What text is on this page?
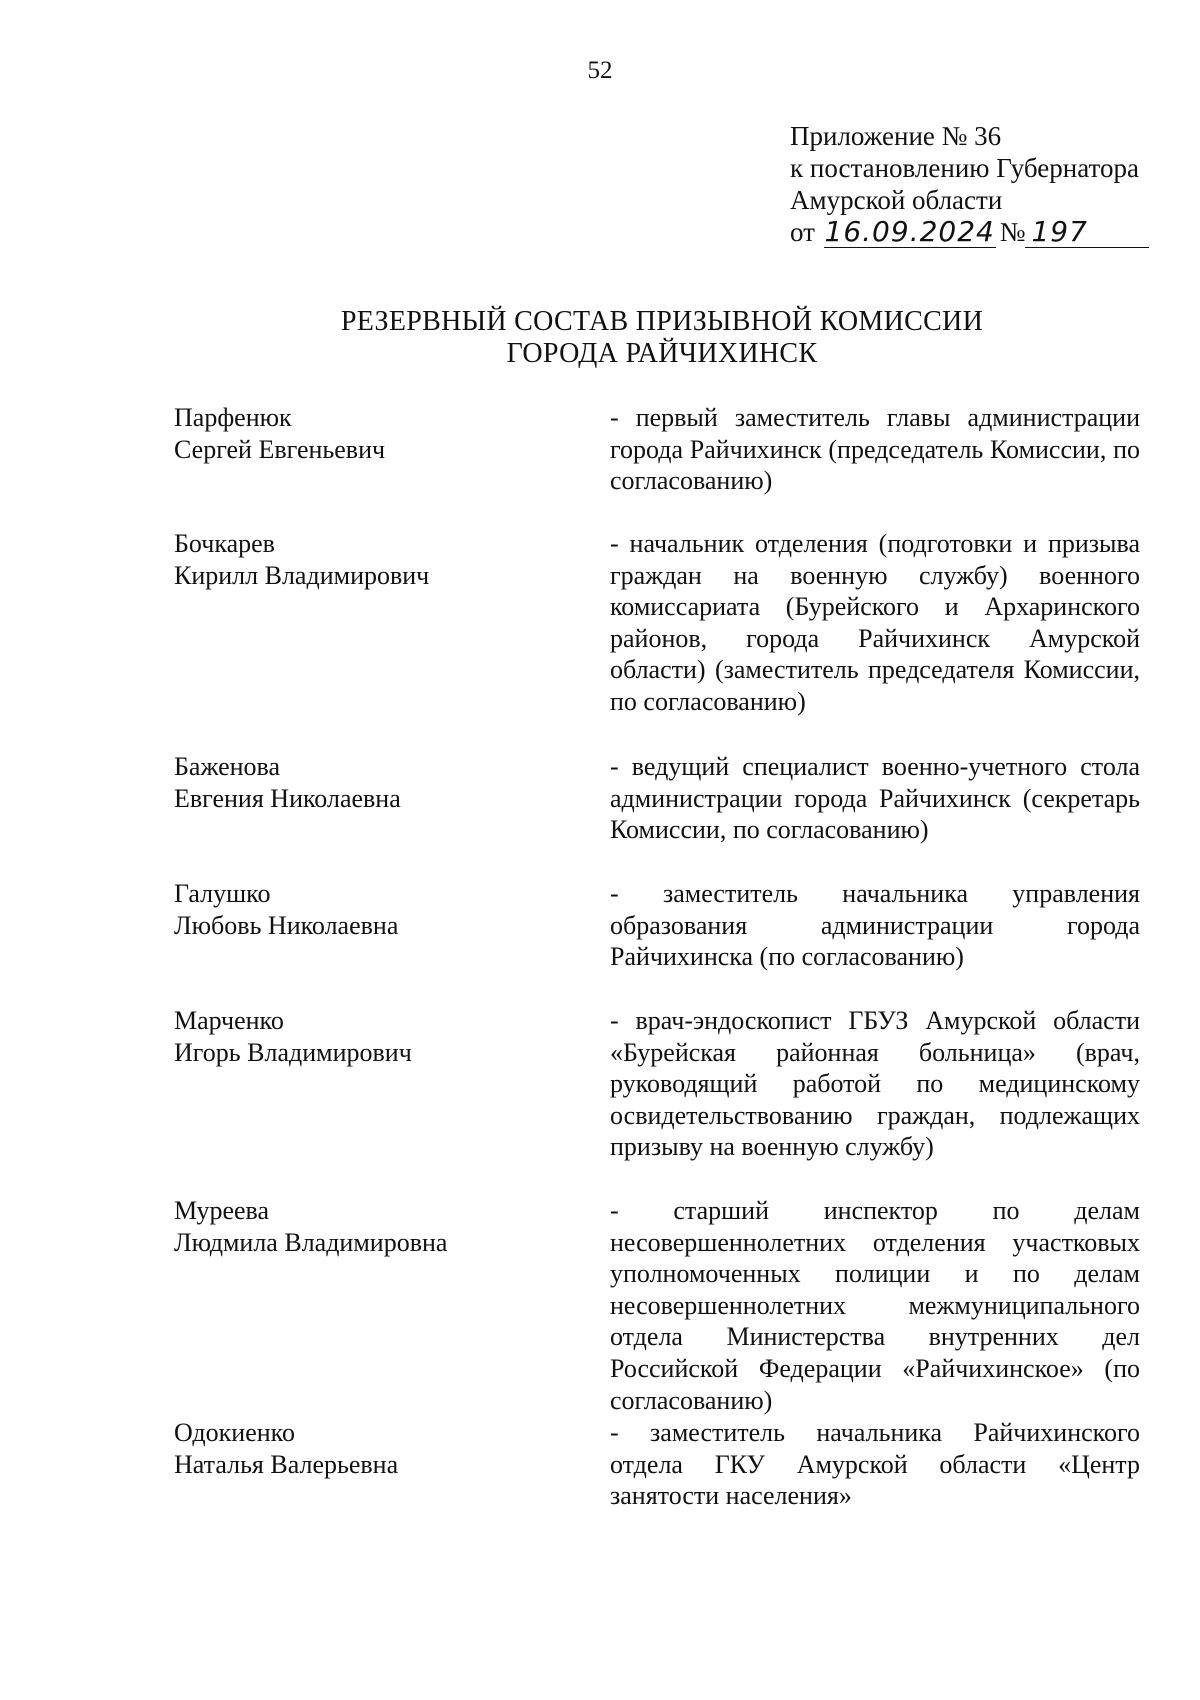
52
Приложение № 36
к постановлению Губернатора
Амурской области
от 16.09.2024 № 197
РЕЗЕРВНЫЙ СОСТАВ ПРИЗЫВНОЙ КОМИССИИ
ГОРОДА РАЙЧИХИНСК
Парфенюк
Сергей Евгеньевич
- первый заместитель главы администрации города Райчихинск (председатель Комиссии, по согласованию)
Бочкарев
Кирилл Владимирович
- начальник отделения (подготовки и призыва граждан на военную службу) военного комиссариата (Бурейского и Архаринского районов, города Райчихинск Амурской области) (заместитель председателя Комиссии, по согласованию)
Баженова
Евгения Николаевна
- ведущий специалист военно-учетного стола администрации города Райчихинск (секретарь Комиссии, по согласованию)
Галушко
Любовь Николаевна
- заместитель начальника управления образования администрации города Райчихинска (по согласованию)
Марченко
Игорь Владимирович
- врач-эндоскопист ГБУЗ Амурской области «Бурейская районная больница» (врач, руководящий работой по медицинскому освидетельствованию граждан, подлежащих призыву на военную службу)
Муреева
Людмила Владимировна
- старший инспектор по делам несовершеннолетних отделения участковых уполномоченных полиции и по делам несовершеннолетних межмуниципального отдела Министерства внутренних дел Российской Федерации «Райчихинское» (по согласованию)
Одокиенко
Наталья Валерьевна
- заместитель начальника Райчихинского отдела ГКУ Амурской области «Центр занятости населения»
